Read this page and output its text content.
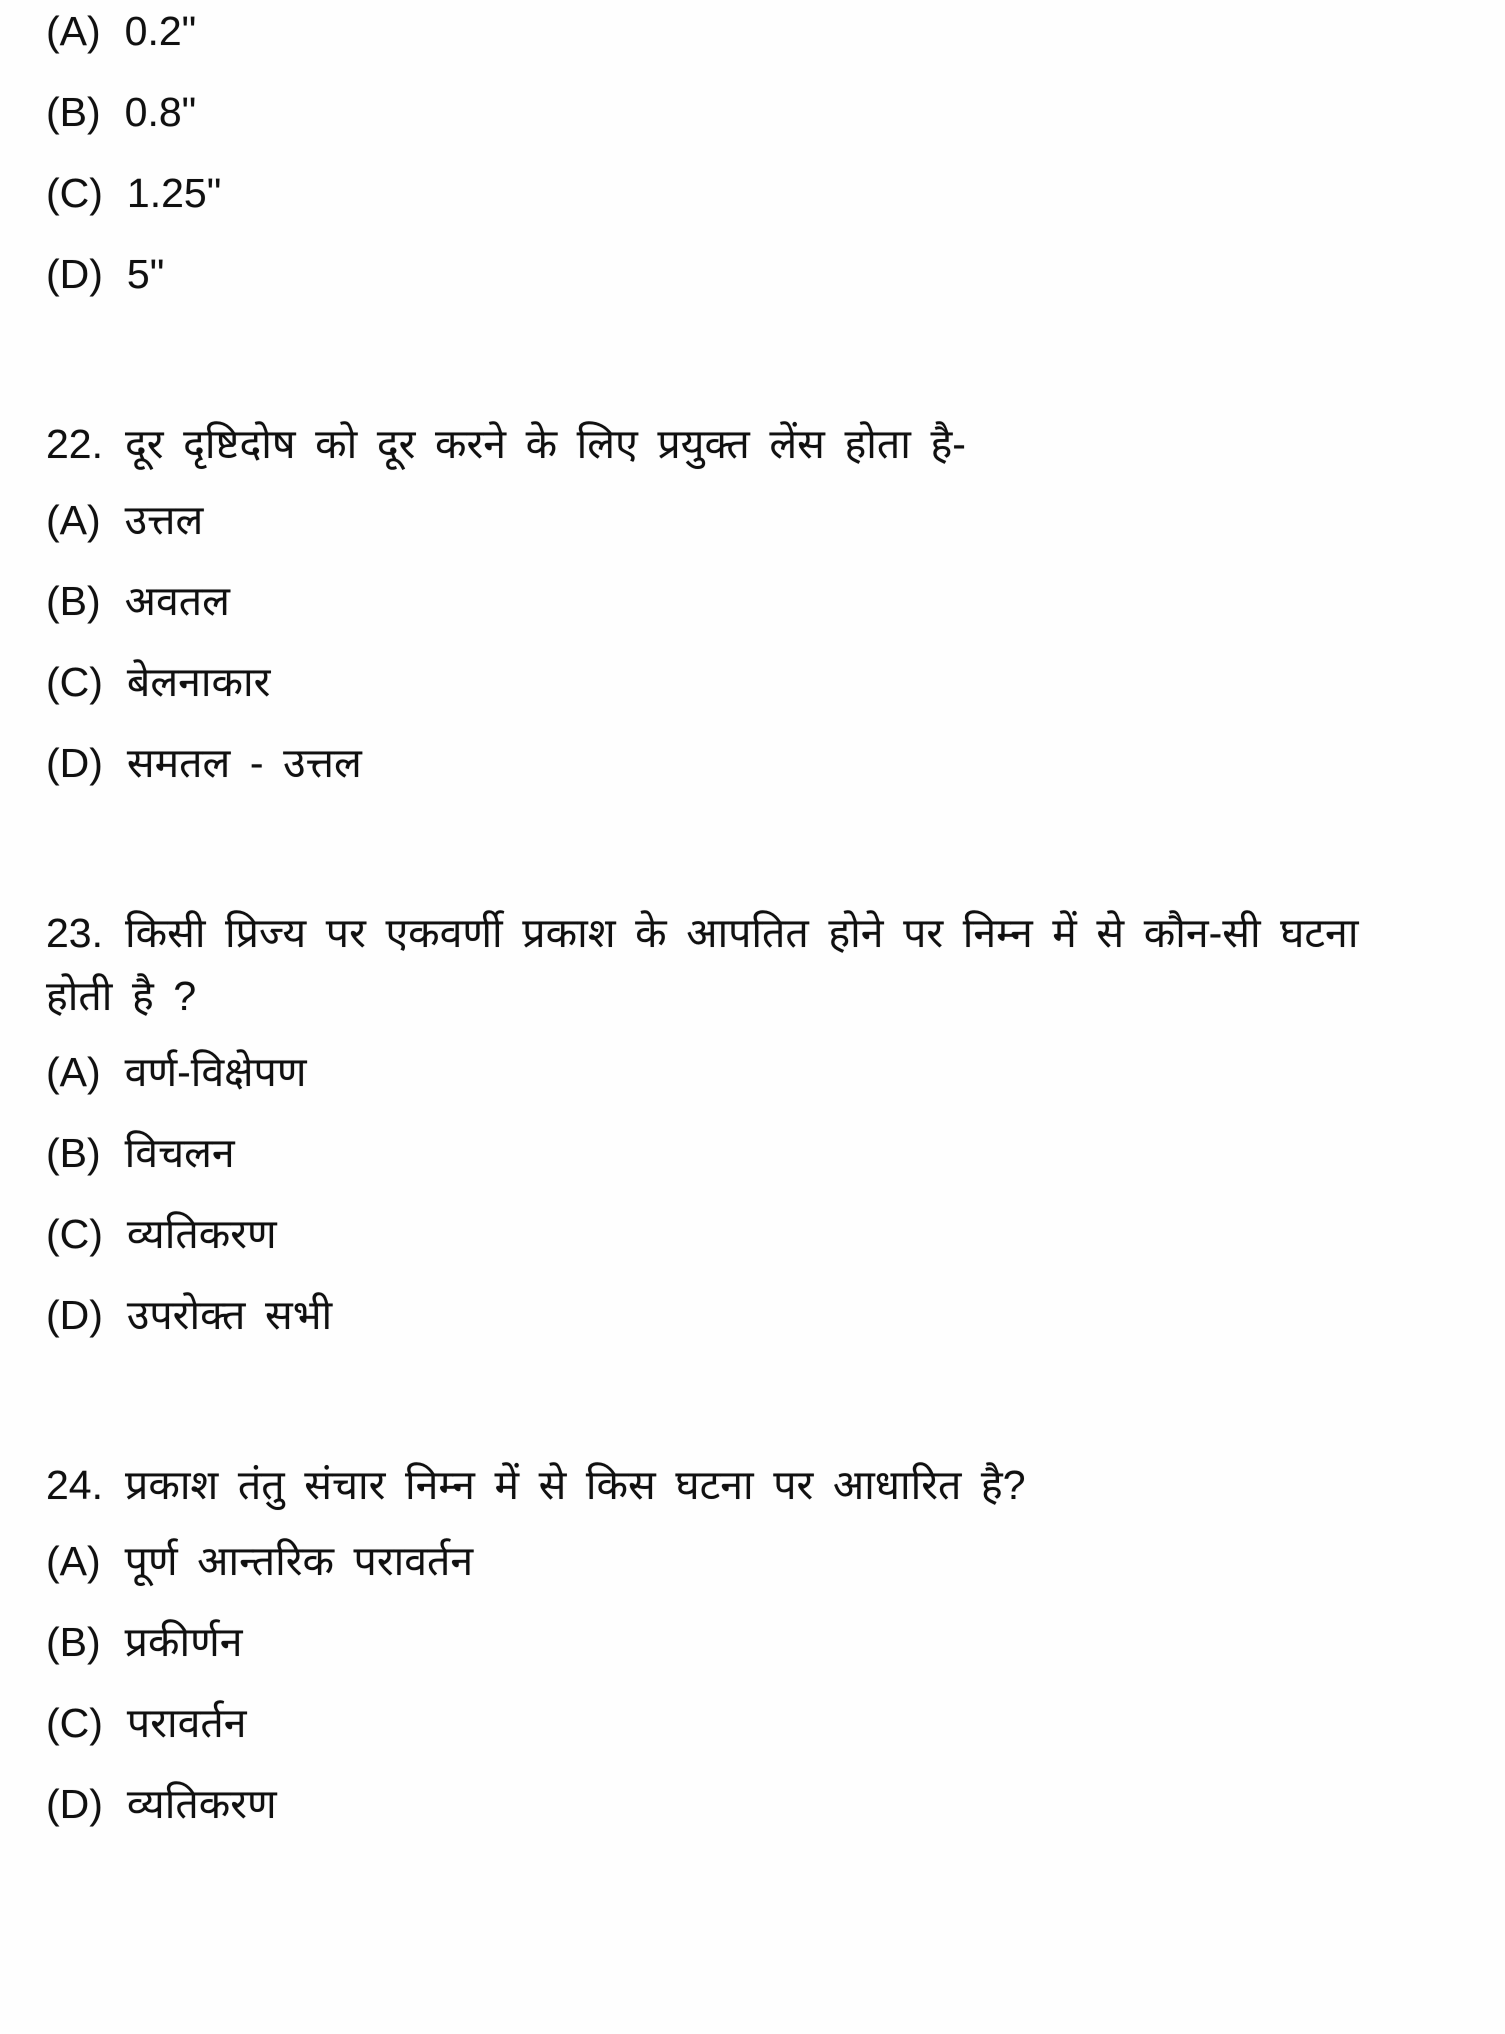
(A) 0.2"
(B) 0.8"
(C) 1.25"
(D) 5"

22. दूर दृष्टिदोष को दूर करने के लिए प्रयुक्त लेंस होता है-

(A) उत्तल
(B) अवतल
(C) बेलनाकार
(D) समतल - उत्तल

23. किसी प्रिज्य पर एकवर्णी प्रकाश के आपतित होने पर निम्न में से कौन-सी घटना

होती है ?

(A) वर्ण-विक्षेपण
(B) विचलन
(C) व्यतिकरण
(D) उपरोक्त सभी

24. प्रकाश तंतु संचार निम्न में से किस घटना पर आधारित है?

(A) पूर्ण आन्तरिक परावर्तन
(B) प्रकीर्णन
(C) परावर्तन
(D) व्यतिकरण
